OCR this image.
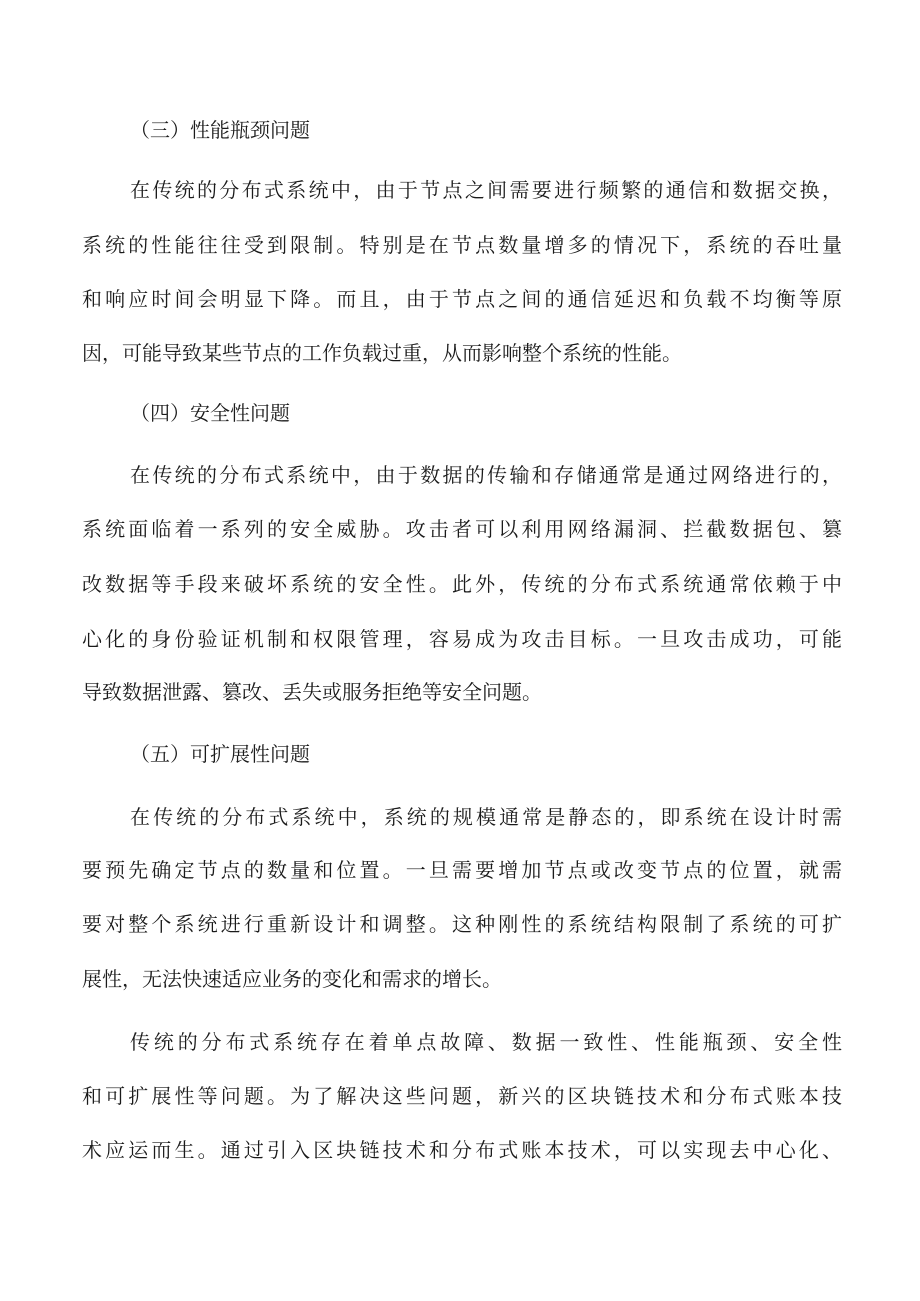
（三）性能瓶颈问题

在传统的分布式系统中，由于节点之间需要进行频繁的通信和数据交换，

系统的性能往往受到限制。特别是在节点数量增多的情况下，系统的吞吐量

和响应时间会明显下降。而且，由于节点之间的通信延迟和负载不均衡等原

因，可能导致某些节点的工作负载过重，从而影响整个系统的性能。

（四）安全性问题

在传统的分布式系统中，由于数据的传输和存储通常是通过网络进行的，

系统面临着一系列的安全威胁。攻击者可以利用网络漏洞、拦截数据包、篡

改数据等手段来破坏系统的安全性。此外，传统的分布式系统通常依赖于中

心化的身份验证机制和权限管理，容易成为攻击目标。一旦攻击成功，可能

导致数据泄露、篡改、丢失或服务拒绝等安全问题。

（五）可扩展性问题

在传统的分布式系统中，系统的规模通常是静态的，即系统在设计时需

要预先确定节点的数量和位置。一旦需要增加节点或改变节点的位置，就需

要对整个系统进行重新设计和调整。这种刚性的系统结构限制了系统的可扩

展性，无法快速适应业务的变化和需求的增长。

传统的分布式系统存在着单点故障、数据一致性、性能瓶颈、安全性

和可扩展性等问题。为了解决这些问题，新兴的区块链技术和分布式账本技

术应运而生。通过引入区块链技术和分布式账本技术，可以实现去中心化、
